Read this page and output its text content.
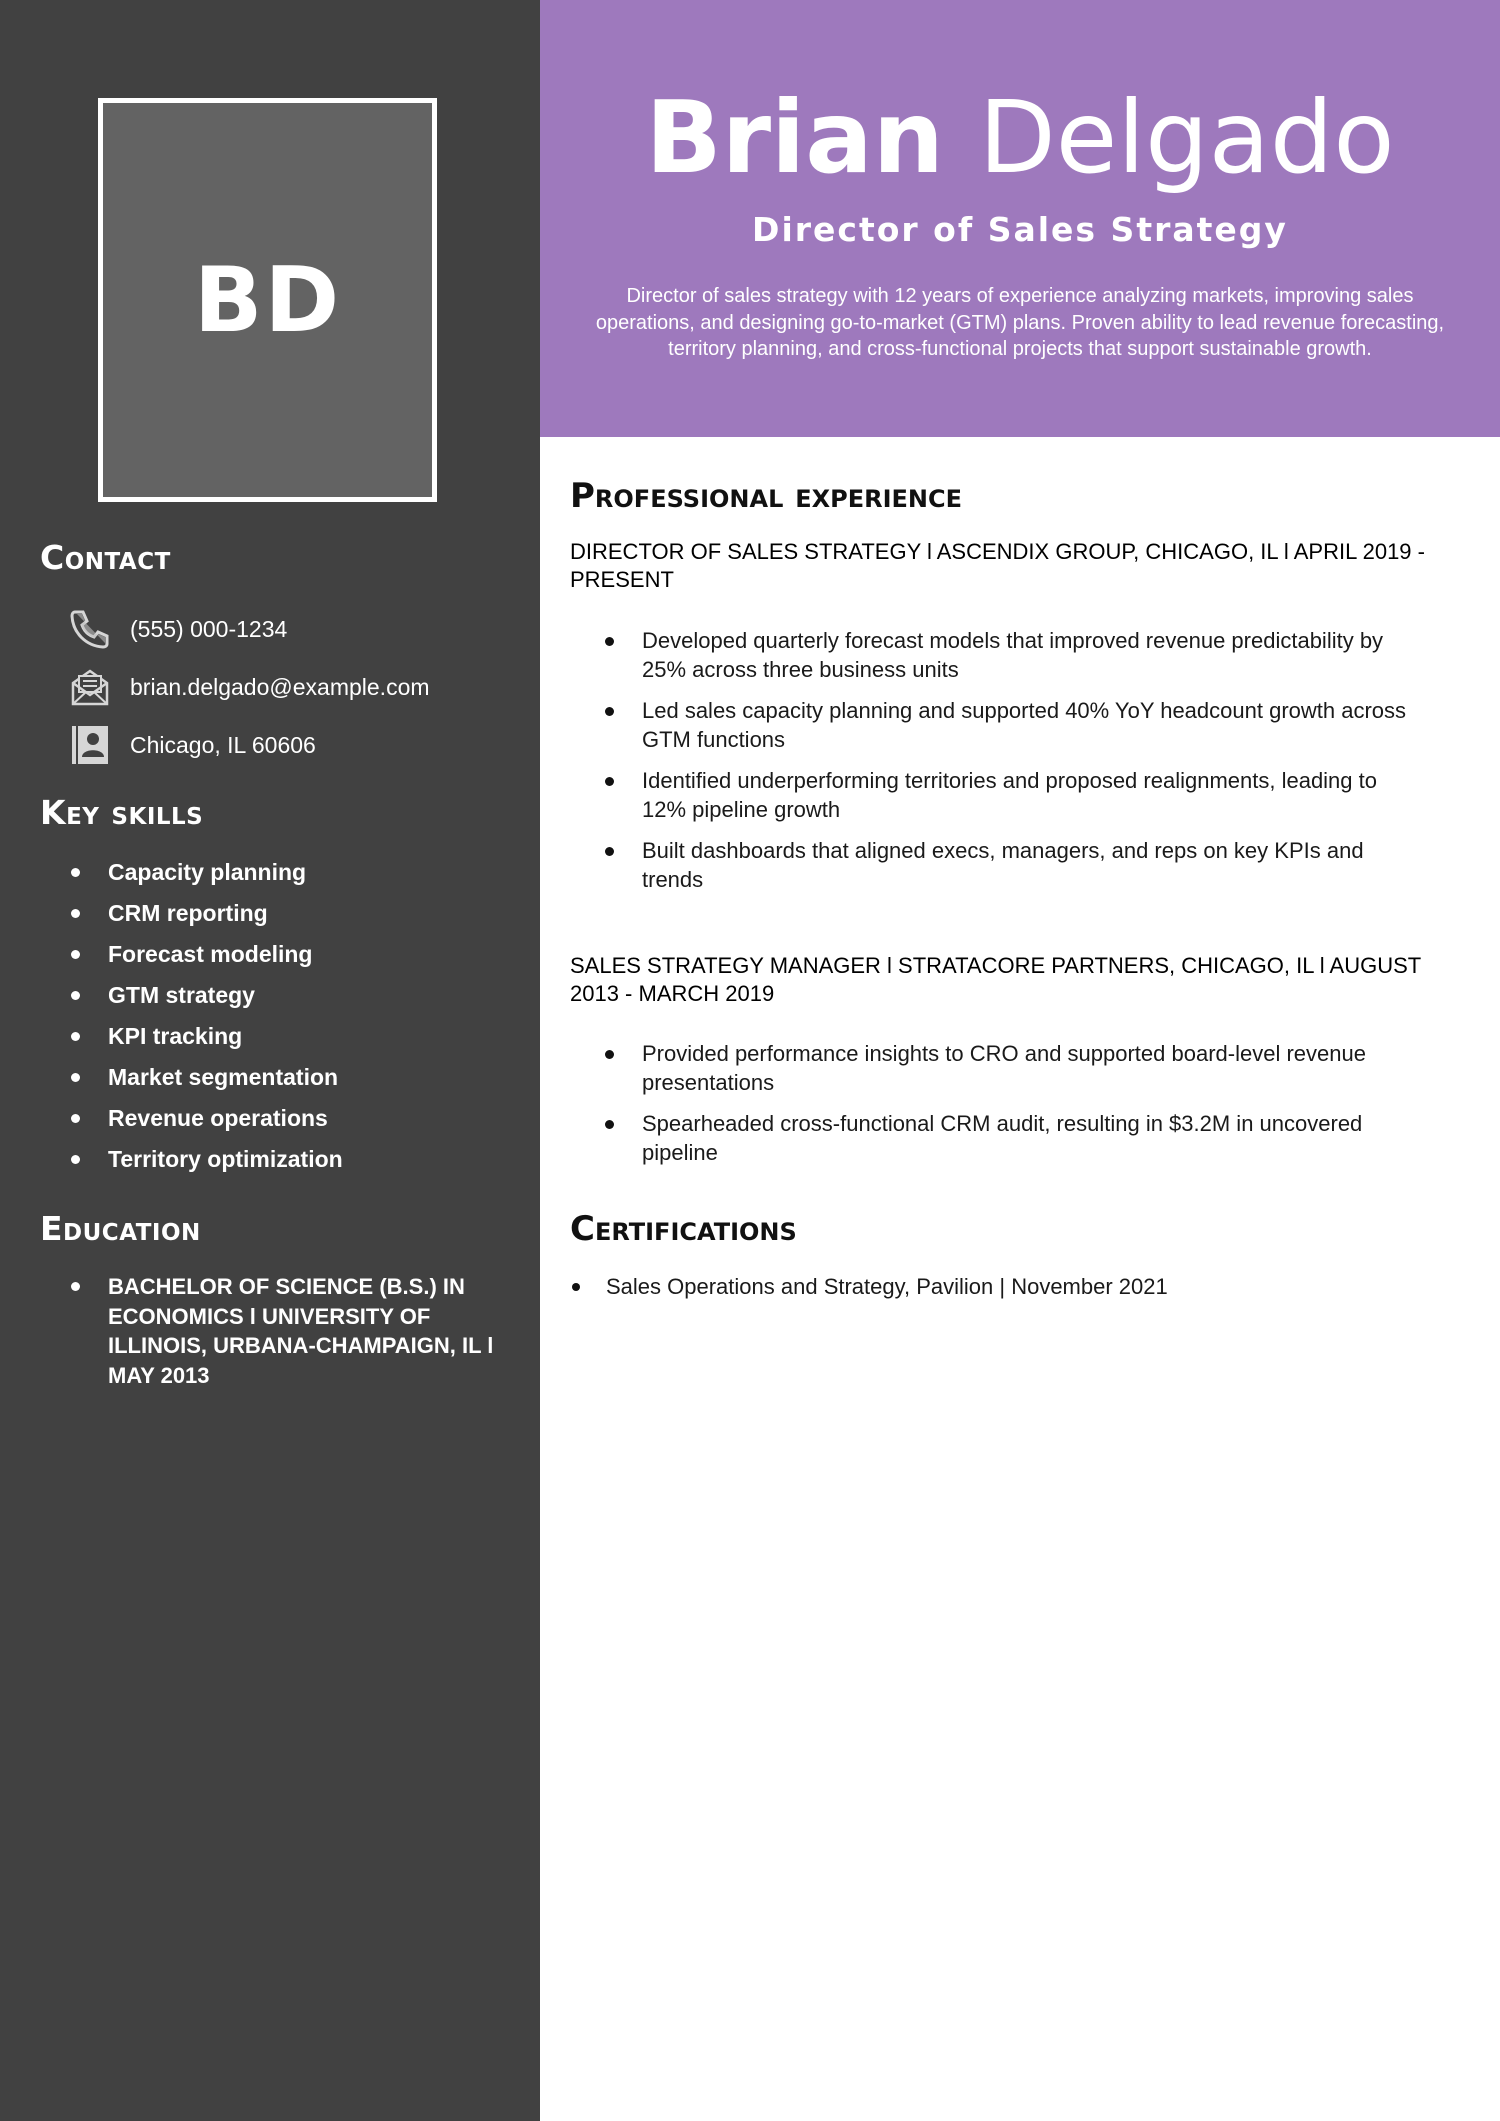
BD
Contact
(555) 000-1234
brian.delgado@example.com
Chicago, IL 60606
Key skills
Capacity planning
CRM reporting
Forecast modeling
GTM strategy
KPI tracking
Market segmentation
Revenue operations
Territory optimization
Education
BACHELOR OF SCIENCE (B.S.) IN ECONOMICS l UNIVERSITY OF ILLINOIS, URBANA-CHAMPAIGN, IL l MAY 2013
Brian Delgado
Director of Sales Strategy

Director of sales strategy with 12 years of experience analyzing markets, improving sales operations, and designing go-to-market (GTM) plans. Proven ability to lead revenue forecasting, territory planning, and cross-functional projects that support sustainable growth.

Professional experience
DIRECTOR OF SALES STRATEGY l ASCENDIX GROUP, CHICAGO, IL l APRIL 2019 - PRESENT
Developed quarterly forecast models that improved revenue predictability by 25% across three business units
Led sales capacity planning and supported 40% YoY headcount growth across GTM functions
Identified underperforming territories and proposed realignments, leading to 12% pipeline growth
Built dashboards that aligned execs, managers, and reps on key KPIs and trends
SALES STRATEGY MANAGER l STRATACORE PARTNERS, CHICAGO, IL l AUGUST 2013 - MARCH 2019
Provided performance insights to CRO and supported board-level revenue presentations
Spearheaded cross-functional CRM audit, resulting in $3.2M in uncovered pipeline
Certifications
Sales Operations and Strategy, Pavilion | November 2021
